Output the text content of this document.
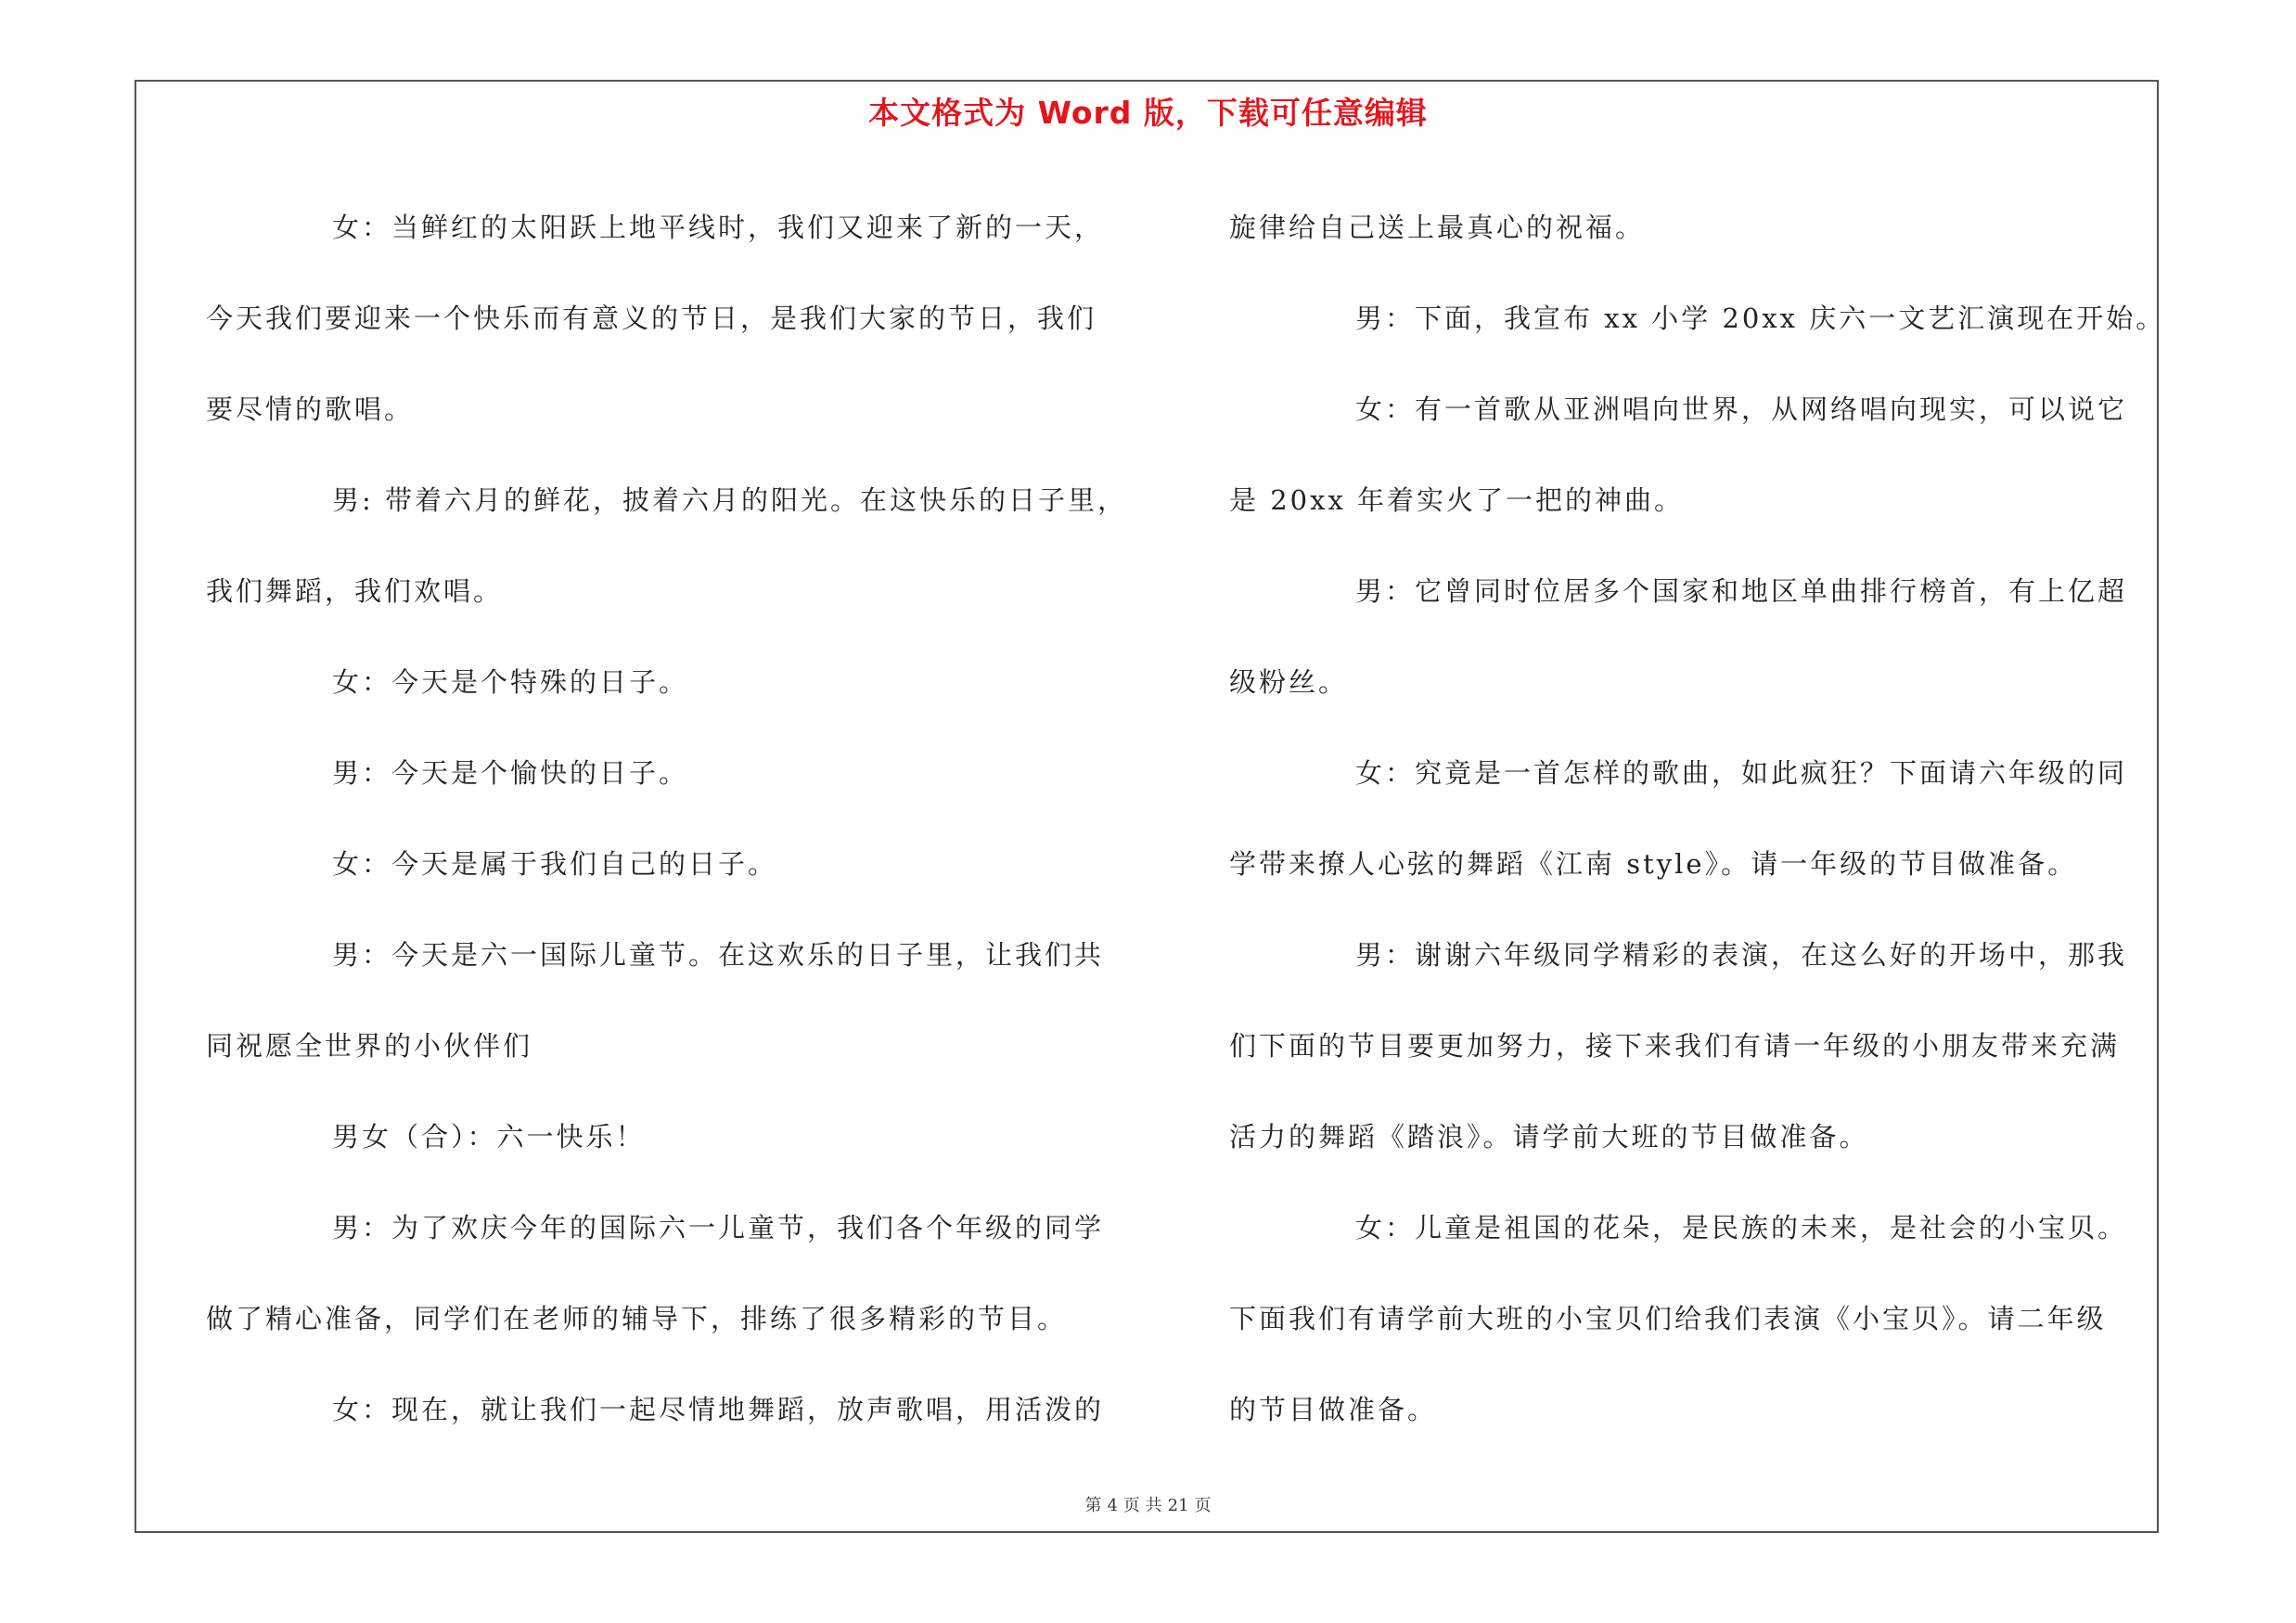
本文格式为 Word 版，下载可任意编辑
女：当鲜红的太阳跃上地平线时，我们又迎来了新的一天，
今天我们要迎来一个快乐而有意义的节日，是我们大家的节日，我们
要尽情的歌唱。
男: 带着六月的鲜花，披着六月的阳光。在这快乐的日子里，
我们舞蹈，我们欢唱。
女：今天是个特殊的日子。
男：今天是个愉快的日子。
女：今天是属于我们自己的日子。
男：今天是六一国际儿童节。在这欢乐的日子里，让我们共
同祝愿全世界的小伙伴们
男女（合）：六一快乐！
男：为了欢庆今年的国际六一儿童节，我们各个年级的同学
做了精心准备，同学们在老师的辅导下，排练了很多精彩的节目。
女：现在，就让我们一起尽情地舞蹈，放声歌唱，用活泼的
旋律给自己送上最真心的祝福。
男：下面，我宣布 xx 小学 20xx 庆六一文艺汇演现在开始。
女：有一首歌从亚洲唱向世界，从网络唱向现实，可以说它
是 20xx 年着实火了一把的神曲。
男：它曾同时位居多个国家和地区单曲排行榜首，有上亿超
级粉丝。
女：究竟是一首怎样的歌曲，如此疯狂？下面请六年级的同
学带来撩人心弦的舞蹈《江南 style》。请一年级的节目做准备。
男：谢谢六年级同学精彩的表演，在这么好的开场中，那我
们下面的节目要更加努力，接下来我们有请一年级的小朋友带来充满
活力的舞蹈《踏浪》。请学前大班的节目做准备。
女：儿童是祖国的花朵，是民族的未来，是社会的小宝贝。
下面我们有请学前大班的小宝贝们给我们表演《小宝贝》。请二年级
的节目做准备。
第 4 页 共 21 页
